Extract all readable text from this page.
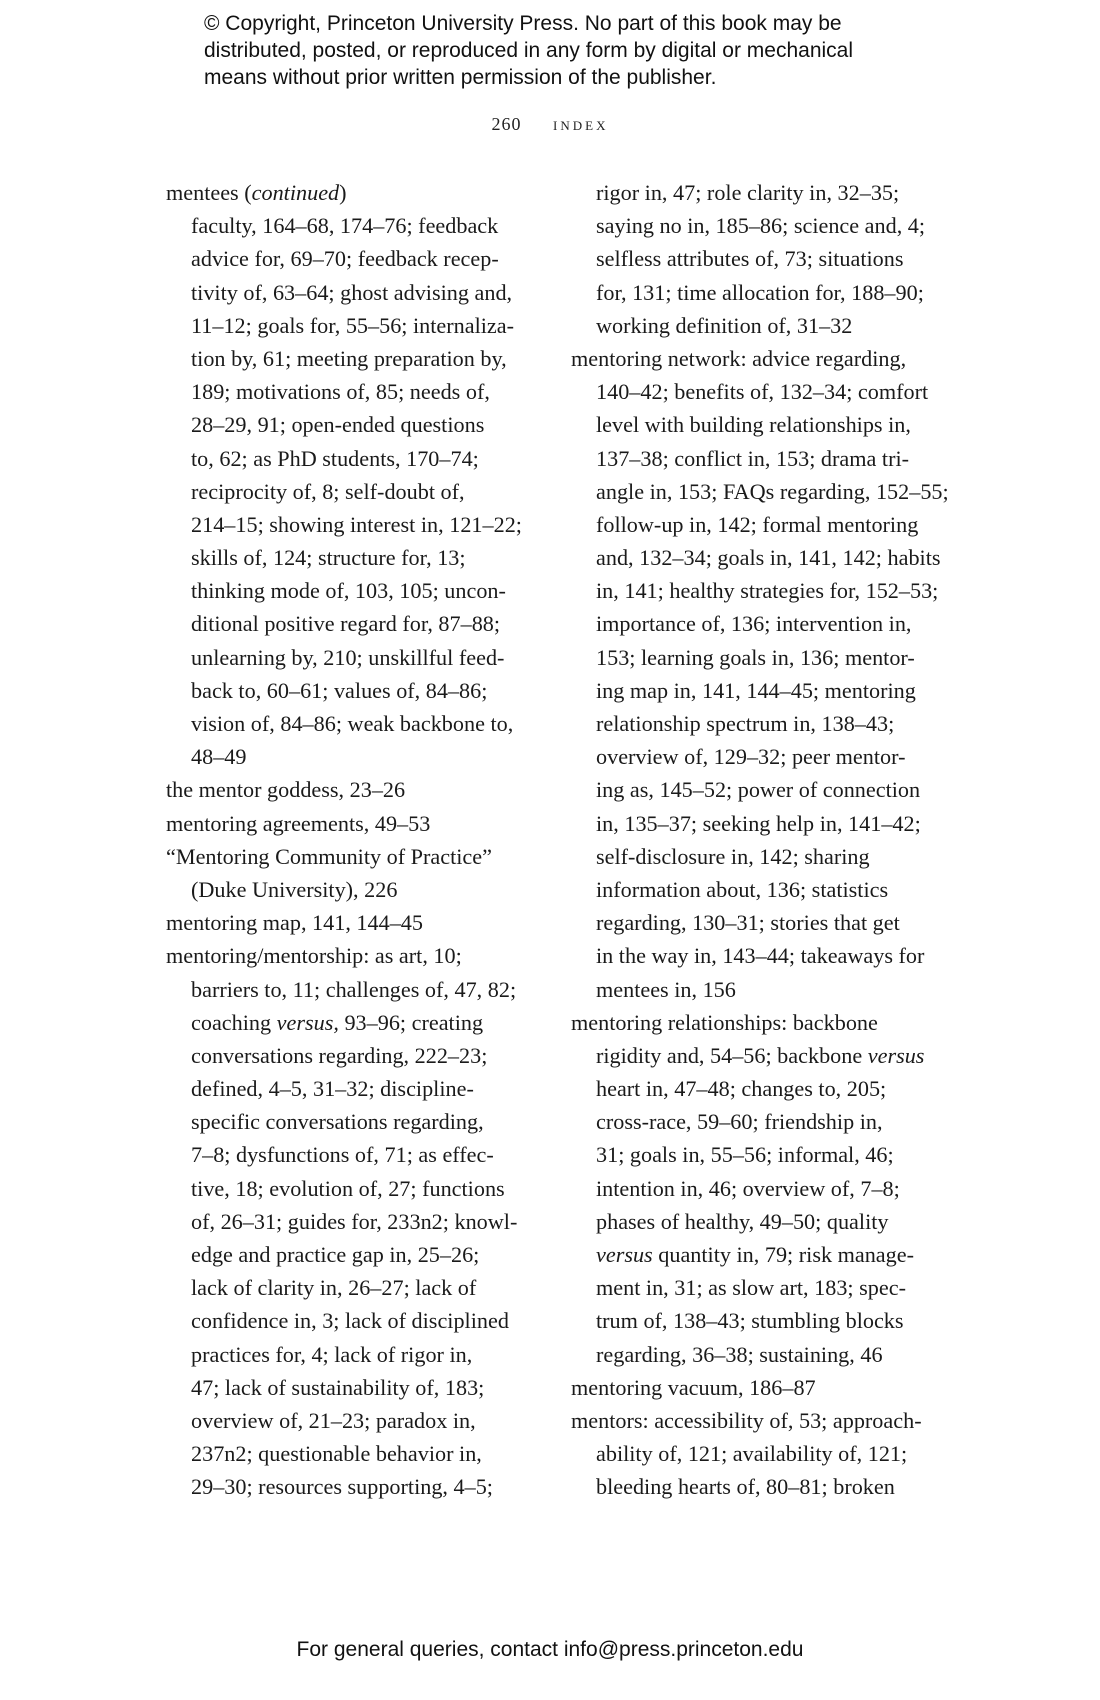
© Copyright, Princeton University Press. No part of this book may be
distributed, posted, or reproduced in any form by digital or mechanical
means without prior written permission of the publisher.
260 index
mentees (continued)
faculty, 164–68, 174–76; feedback
advice for, 69–70; feedback recep-
tivity of, 63–64; ghost advising and,
11–12; goals for, 55–56; internaliza-
tion by, 61; meeting preparation by,
189; motivations of, 85; needs of,
28–29, 91; open-ended questions
to, 62; as PhD students, 170–74;
reciprocity of, 8; self-doubt of,
214–15; showing interest in, 121–22;
skills of, 124; structure for, 13;
thinking mode of, 103, 105; uncon-
ditional positive regard for, 87–88;
unlearning by, 210; unskillful feed-
back to, 60–61; values of, 84–86;
vision of, 84–86; weak backbone to,
48–49
the mentor goddess, 23–26
mentoring agreements, 49–53
“Mentoring Community of Practice”
(Duke University), 226
mentoring map, 141, 144–45
mentoring/mentorship: as art, 10;
barriers to, 11; challenges of, 47, 82;
coaching versus, 93–96; creating
conversations regarding, 222–23;
defined, 4–5, 31–32; discipline-
specific conversations regarding,
7–8; dysfunctions of, 71; as effec-
tive, 18; evolution of, 27; functions
of, 26–31; guides for, 233n2; knowl-
edge and practice gap in, 25–26;
lack of clarity in, 26–27; lack of
confidence in, 3; lack of disciplined
practices for, 4; lack of rigor in,
47; lack of sustainability of, 183;
overview of, 21–23; paradox in,
237n2; questionable behavior in,
29–30; resources supporting, 4–5;
rigor in, 47; role clarity in, 32–35;
saying no in, 185–86; science and, 4;
selfless attributes of, 73; situations
for, 131; time allocation for, 188–90;
working definition of, 31–32
mentoring network: advice regarding,
140–42; benefits of, 132–34; comfort
level with building relationships in,
137–38; conflict in, 153; drama tri-
angle in, 153; FAQs regarding, 152–55;
follow-up in, 142; formal mentoring
and, 132–34; goals in, 141, 142; habits
in, 141; healthy strategies for, 152–53;
importance of, 136; intervention in,
153; learning goals in, 136; mentor-
ing map in, 141, 144–45; mentoring
relationship spectrum in, 138–43;
overview of, 129–32; peer mentor-
ing as, 145–52; power of connection
in, 135–37; seeking help in, 141–42;
self-disclosure in, 142; sharing
information about, 136; statistics
regarding, 130–31; stories that get
in the way in, 143–44; takeaways for
mentees in, 156
mentoring relationships: backbone
rigidity and, 54–56; backbone versus
heart in, 47–48; changes to, 205;
cross-race, 59–60; friendship in,
31; goals in, 55–56; informal, 46;
intention in, 46; overview of, 7–8;
phases of healthy, 49–50; quality
versus quantity in, 79; risk manage-
ment in, 31; as slow art, 183; spec-
trum of, 138–43; stumbling blocks
regarding, 36–38; sustaining, 46
mentoring vacuum, 186–87
mentors: accessibility of, 53; approach-
ability of, 121; availability of, 121;
bleeding hearts of, 80–81; broken
For general queries, contact info@press.princeton.edu
